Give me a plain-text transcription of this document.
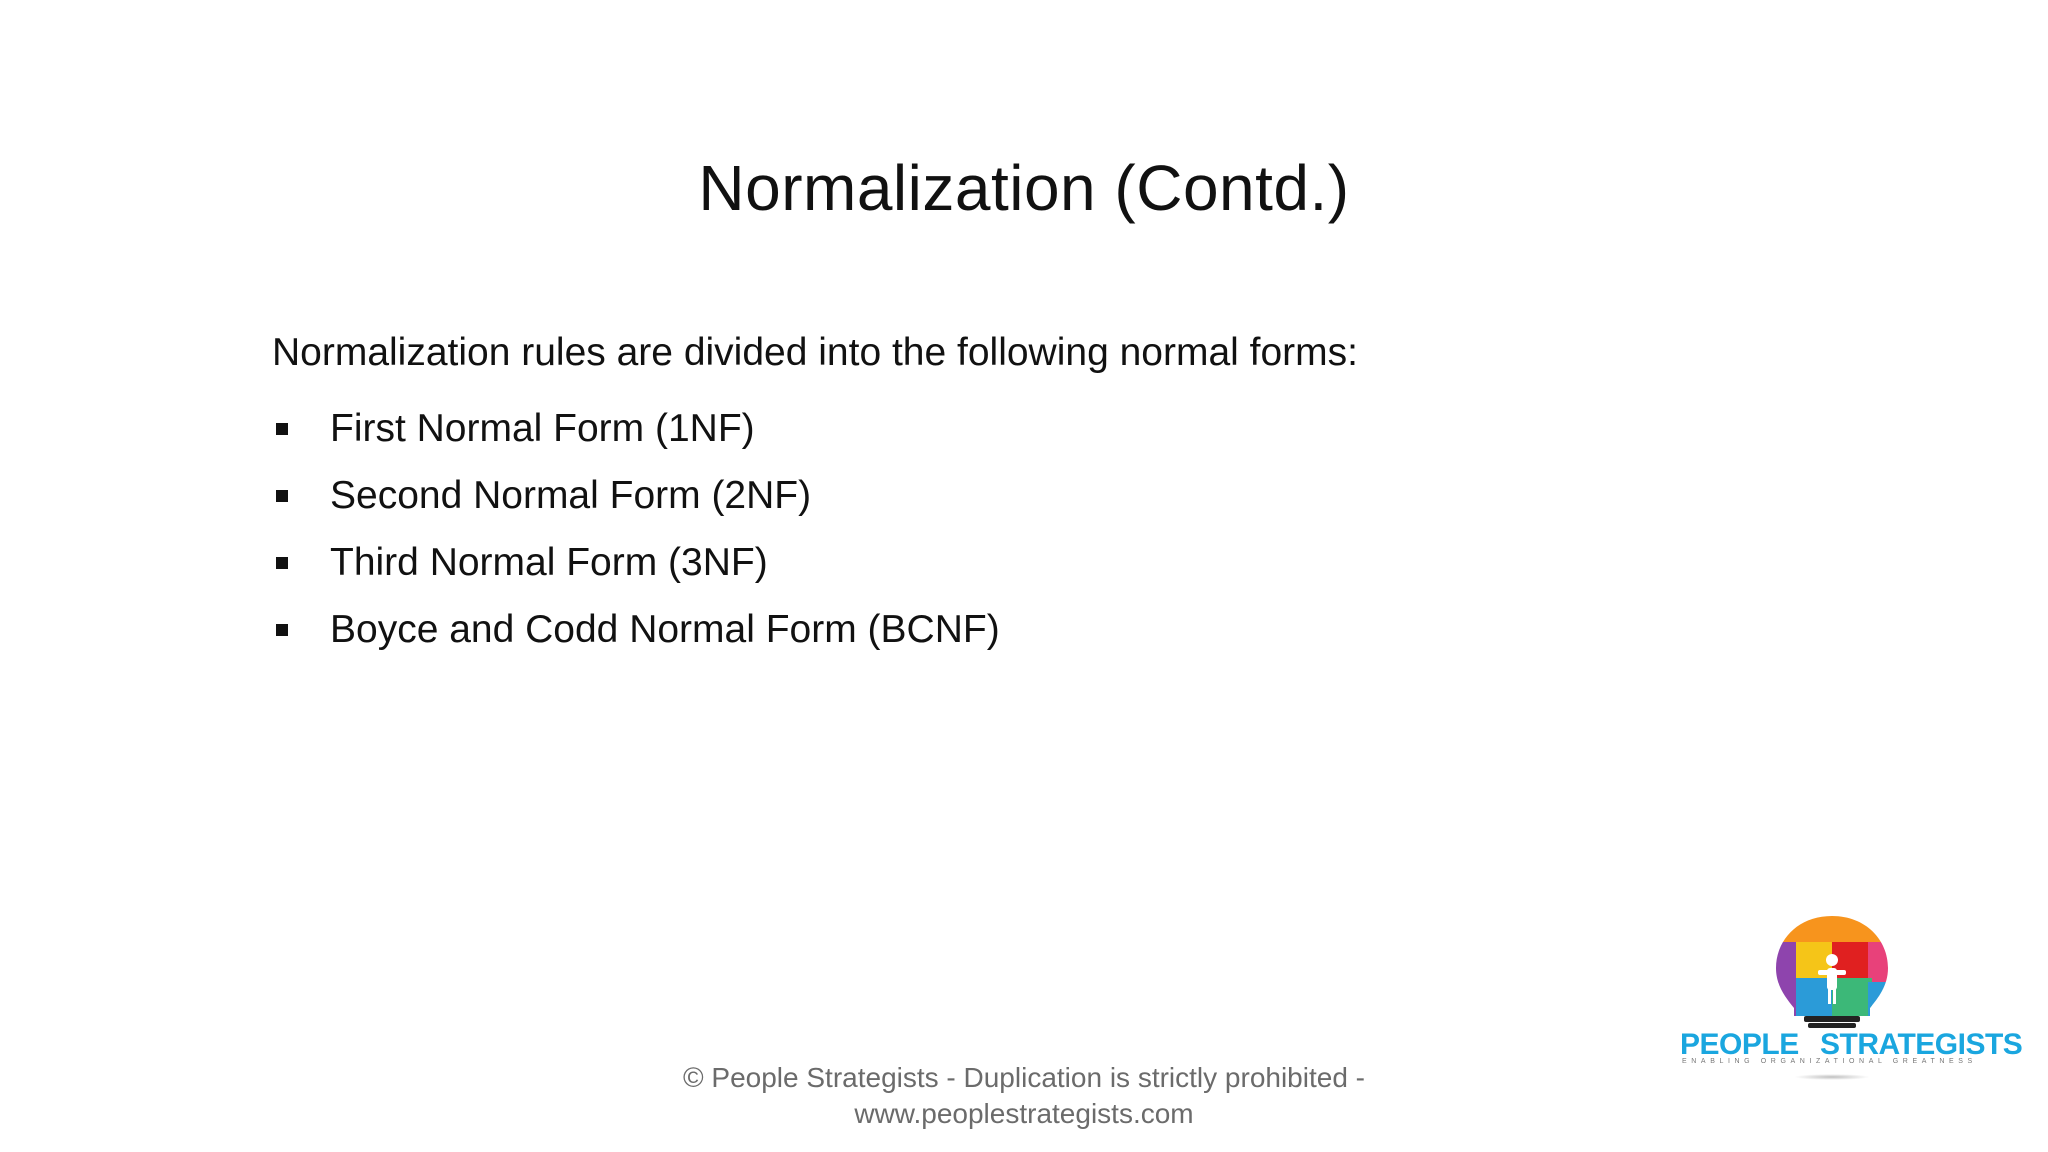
Normalization (Contd.)
Normalization rules are divided into the following normal forms:
First Normal Form (1NF)
Second Normal Form (2NF)
Third Normal Form (3NF)
Boyce and Codd Normal Form (BCNF)
PEOPLE STRATEGISTS
ENABLING ORGANIZATIONAL GREATNESS
© People Strategists - Duplication is strictly prohibited -
www.peoplestrategists.com
